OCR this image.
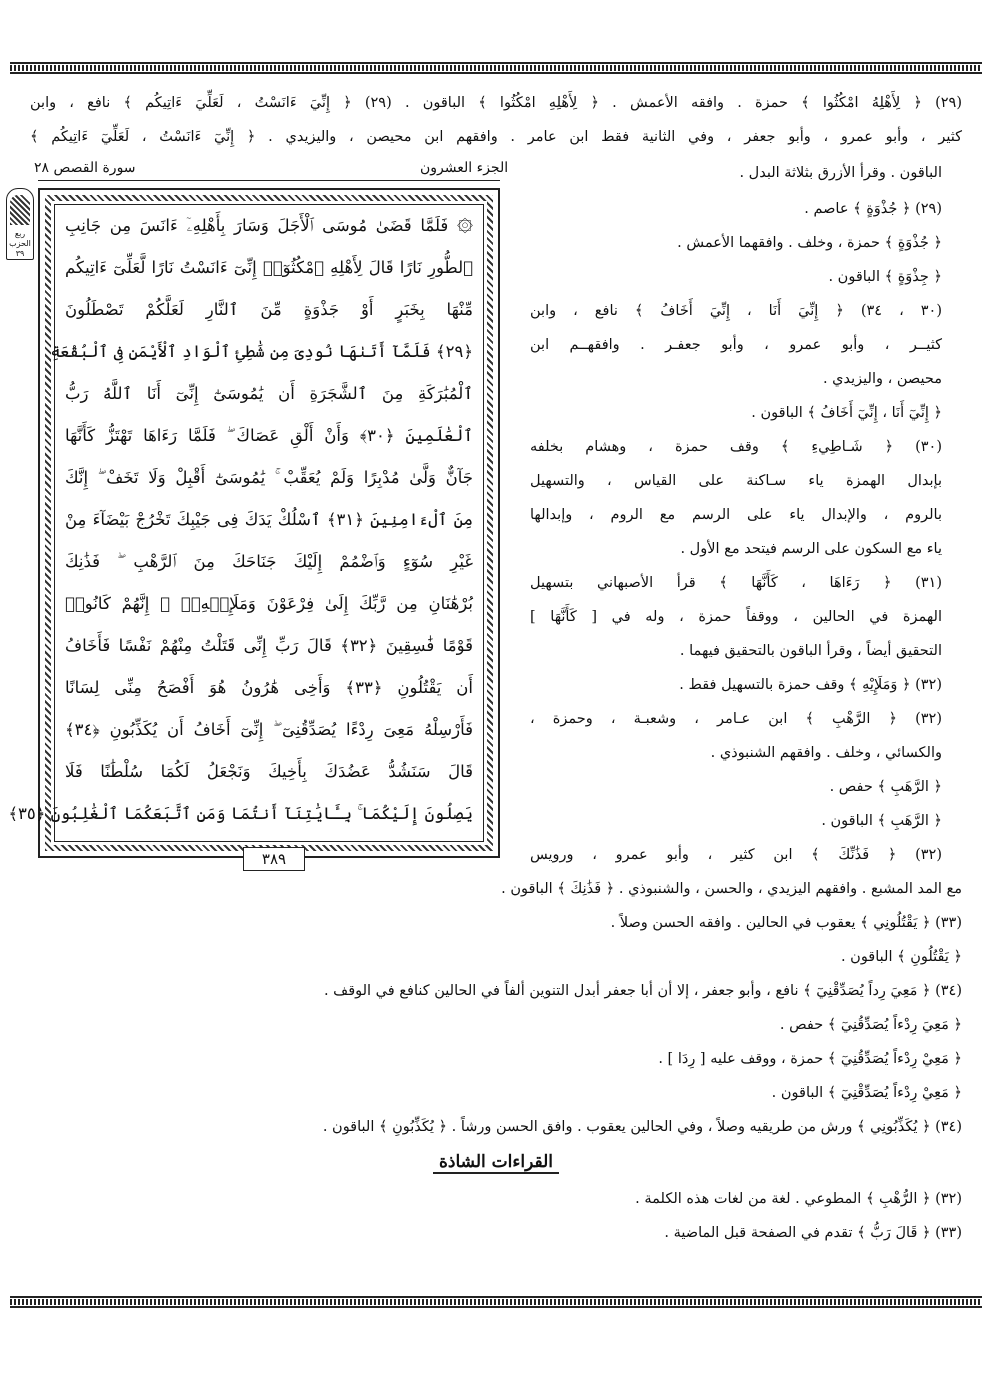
(٢٩) ﴿ لِأَهْلِهُ امْكُثُوا ﴾ حمزة . وافقه الأعمش . ﴿ لِأَهْلِهِ امْكُثُوا ﴾ الباقون . (٢٩) ﴿ إِنِّيَ ءَانَسْتُ ، لَعَلِّيَ ءَاتِيكُم ﴾ نافع ، وابن
كثير ، وأبو عمرو ، وأبو جعفر ، وفي الثانية فقط ابن عامر . وافقهم ابن محيصن ، واليزيدي . ﴿ إِنِّيٓ ءَانَسْتُ ، لَعَلِّيٓ ءَاتِيكُم ﴾
الجزء العشرون
سورة القصص ٢٨
ربع الحزب ٣٩
۞ فَلَمَّا قَضَىٰ مُوسَى ٱلْأَجَلَ وَسَارَ بِأَهْلِهِۦٓ ءَانَسَ مِن جَانِبِ
ٱلطُّورِ نَارًا قَالَ لِأَهْلِهِ ٱمْكُثُوٓا۟ إِنِّىٓ ءَانَسْتُ نَارًا لَّعَلِّىٓ ءَاتِيكُم
مِّنْهَا بِخَبَرٍ أَوْ جَذْوَةٍ مِّنَ ٱلنَّارِ لَعَلَّكُمْ تَصْطَلُونَ
﴿٢٩﴾ فَلَمَّآ أَتَىٰهَا نُودِىَ مِن شَٰطِئِ ٱلْوَادِ ٱلْأَيْمَنِ فِى ٱلْبُقْعَةِ
ٱلْمُبَٰرَكَةِ مِنَ ٱلشَّجَرَةِ أَن يَٰمُوسَىٰٓ إِنِّىٓ أَنَا ٱللَّهُ رَبُّ
ٱلْعَٰلَمِينَ ﴿٣٠﴾ وَأَنْ أَلْقِ عَصَاكَ ۖ فَلَمَّا رَءَاهَا تَهْتَزُّ كَأَنَّهَا
جَآنٌّ وَلَّىٰ مُدْبِرًا وَلَمْ يُعَقِّبْ ۚ يَٰمُوسَىٰٓ أَقْبِلْ وَلَا تَخَفْ ۖ إِنَّكَ
مِنَ ٱلْءَامِنِينَ ﴿٣١﴾ ٱسْلُكْ يَدَكَ فِى جَيْبِكَ تَخْرُجْ بَيْضَآءَ مِنْ
غَيْرِ سُوٓءٍ وَٱضْمُمْ إِلَيْكَ جَنَاحَكَ مِنَ ٱلرَّهْبِ ۖ فَذَٰنِكَ
بُرْهَٰنَانِ مِن رَّبِّكَ إِلَىٰ فِرْعَوْنَ وَمَلَإِي۟هِۦٓ ۚ إِنَّهُمْ كَانُوا۟
قَوْمًا فَٰسِقِينَ ﴿٣٢﴾ قَالَ رَبِّ إِنِّى قَتَلْتُ مِنْهُمْ نَفْسًا فَأَخَافُ
أَن يَقْتُلُونِ ﴿٣٣﴾ وَأَخِى هَٰرُونُ هُوَ أَفْصَحُ مِنِّى لِسَانًا
فَأَرْسِلْهُ مَعِىَ رِدْءًا يُصَدِّقُنِىٓ ۖ إِنِّىٓ أَخَافُ أَن يُكَذِّبُونِ ﴿٣٤﴾
قَالَ سَنَشُدُّ عَضُدَكَ بِأَخِيكَ وَنَجْعَلُ لَكُمَا سُلْطَٰنًا فَلَا
يَصِلُونَ إِلَيْكُمَا ۚ بِـَٔايَٰتِنَآ أَنتُمَا وَمَنِ ٱتَّبَعَكُمَا ٱلْغَٰلِبُونَ ﴿٣٥﴾
٣٨٩
الباقون . وقرأ الأزرق بثلاثة البدل .
(٢٩) ﴿ جُذْوَةٍ ﴾ عاصم .
﴿ جُذْوَةٍ ﴾ حمزة ، وخلف . وافقهما الأعمش .
﴿ جِذْوَةٍ ﴾ الباقون .
(٣٠ ، ٣٤) ﴿ إِنِّيَ أَنَا ، إِنِّيَ أَخَافُ ﴾ نافع ، وابن
كثيــر ، وأبو عمرو ، وأبو جعفـر . وافقهــم ابن
محيصن ، واليزيدي .
﴿ إِنِّيٓ أَنَا ، إِنِّيٓ أَخَافُ ﴾ الباقون .
(٣٠) ﴿ شَـاطِيءِ ﴾ وقف حمزة ، وهشام بخلفه
بإبدال الهمزة ياء سـاكنة على القياس ، والتسهيل
بالروم ، والإبدال ياء على الرسم مع الروم ، وإبدالها
ياء مع السكون على الرسم فيتحد مع الأول .
(٣١) ﴿ رَءَاهَا ، كَأَنَّهَا ﴾ قرأ الأصبهاني بتسهيل
الهمزة في الحالين ، ووقفاً حمزة ، وله في [ كَأَنَّهَا ]
التحقيق أيضاً ، وقرأ الباقون بالتحقيق فيهما .
(٣٢) ﴿ وَمَلَإِيْهِ ﴾ وقف حمزة بالتسهيل فقط .
(٣٢) ﴿ الرَّهْبِ ﴾ ابن عـامر ، وشعبـة ، وحمزة ،
والكسائي ، وخلف . وافقهم الشنبوذي .
﴿ الرَّهَبِ ﴾ حفص .
﴿ الرَّهَبِ ﴾ الباقون .
(٣٢) ﴿ فَذَٰنِّكَ ﴾ ابن كثير ، وأبو عمرو ، ورويس
مع المد المشبع . وافقهم اليزيدي ، والحسن ، والشنبوذي . ﴿ فَذَٰنِكَ ﴾ الباقون .
(٣٣) ﴿ يَقْتُلُونِي ﴾ يعقوب في الحالين . وافقه الحسن وصلاً .
﴿ يَقْتُلُونِ ﴾ الباقون .
(٣٤) ﴿ مَعِيَ رِداً يُصَدِّقْنِيٓ ﴾ نافع ، وأبو جعفر ، إلا أن أبا جعفر أبدل التنوين ألفاً في الحالين كنافع في الوقف .
﴿ مَعِيَ رِدْءاً يُصَدِّقُنِيٓ ﴾ حفص .
﴿ مَعِيْ رِدْءاً يُصَدِّقُنِيٓ ﴾ حمزة ، ووقف عليه [ رِدَا ] .
﴿ مَعِيْ رِدْءاً يُصَدِّقْنِيٓ ﴾ الباقون .
(٣٤) ﴿ يُكَذِّبُونِي ﴾ ورش من طريقيه وصلاً ، وفي الحالين يعقوب . وافق الحسن ورشاً . ﴿ يُكَذِّبُونِ ﴾ الباقون .
القراءات الشاذة
(٣٢) ﴿ الرُّهْبِ ﴾ المطوعي . لغة من لغات هذه الكلمة .
(٣٣) ﴿ قَالَ رَبُّ ﴾ تقدم في الصفحة قبل الماضية .
